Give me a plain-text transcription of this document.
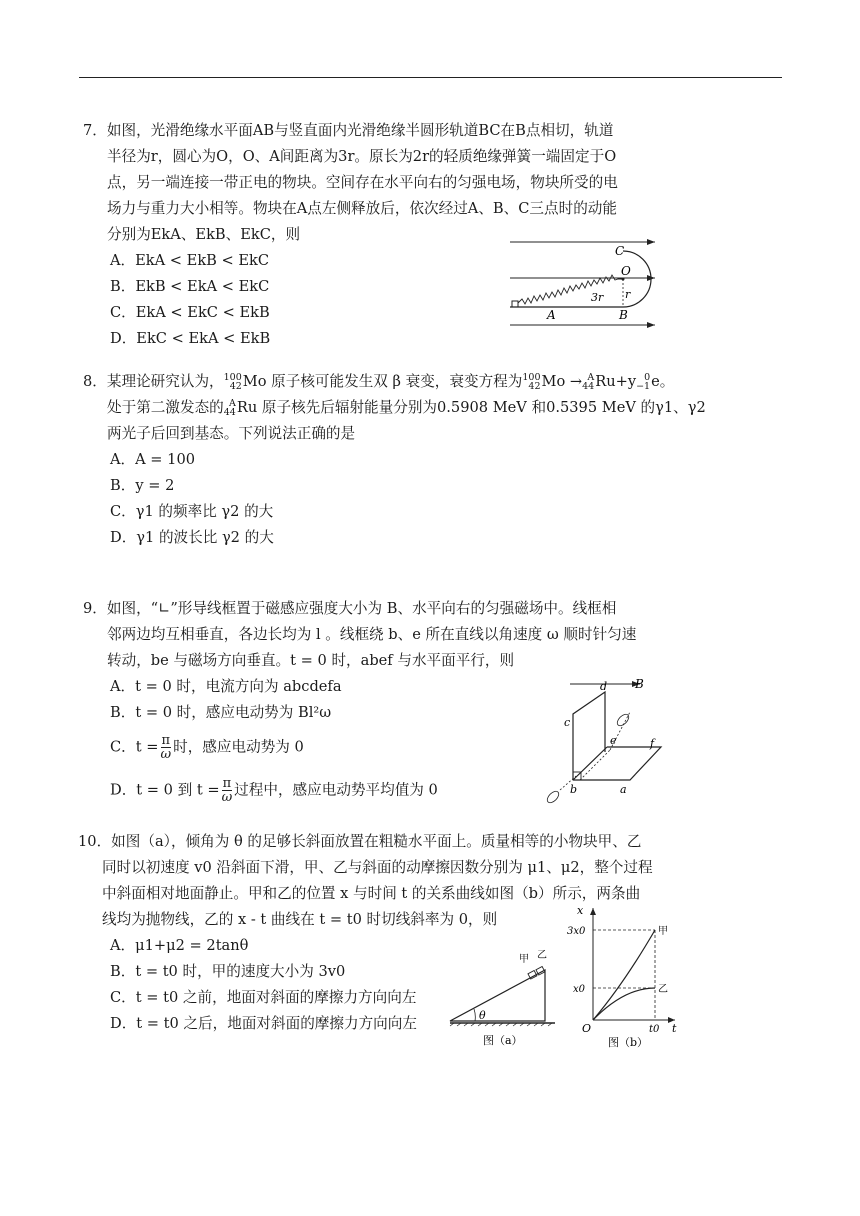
7．如图，光滑绝缘水平面AB与竖直面内光滑绝缘半圆形轨道BC在B点相切，轨道
半径为r，圆心为O，O、A间距离为3r。原长为2r的轻质绝缘弹簧一端固定于O
点，另一端连接一带正电的物块。空间存在水平向右的匀强电场，物块所受的电
场力与重力大小相等。物块在A点左侧释放后，依次经过A、B、C三点时的动能
分别为EkA、EkB、EkC，则
A．EkA < EkB < EkC
B．EkB < EkA < EkC
C．EkA < EkC < EkB
D．EkC < EkA < EkB
C
O
3r r
A	B
8．某理论研究认为， 100
42 Mo 原子核可能发生双 β 衰变，衰变方程为 100
42 Mo → A
44 Ru+y 0
−1 e。
处于第二激发态的 A
44 Ru 原子核先后辐射能量分别为0.5908 MeV 和0.5395 MeV 的γ1、γ2
两光子后回到基态。下列说法正确的是
A．A = 100
B．y = 2
C．γ1 的频率比 γ2 的大
D．γ1 的波长比 γ2 的大
9．如图，“∟”形导线框置于磁感应强度大小为 B、水平向右的匀强磁场中。线框相
邻两边均互相垂直，各边长均为 l 。线框绕 b、e 所在直线以角速度 ω 顺时针匀速
转动，be 与磁场方向垂直。t = 0 时，abef 与水平面平行，则
A．t = 0 时，电流方向为 abcdefa
B．t = 0 时，感应电动势为 Bl²ω
C．$t = \frac{\pi}{\omega}$ 时，感应电动势为 0
D．t = 0 到 $t = \frac{\pi}{\omega}$ 过程中，感应电动势平均值为 0
B
d
c
e	f
b	a
10．如图（a），倾角为 θ 的足够长斜面放置在粗糙水平面上。质量相等的小物块甲、乙
同时以初速度 v0 沿斜面下滑，甲、乙与斜面的动摩擦因数分别为 μ1、μ2，整个过程
中斜面相对地面静止。甲和乙的位置 x 与时间 t 的关系曲线如图（b）所示，两条曲
线均为抛物线，乙的 x - t 曲线在 t = t0 时切线斜率为 0，则
A．μ1+μ2 = 2tanθ
B．t = t0 时，甲的速度大小为 3v0
C．t = t0 之前，地面对斜面的摩擦力方向向左
D．t = t0 之后，地面对斜面的摩擦力方向向左
甲 乙
θ
图（a）
x
3x0
x0
甲
乙
O	t0 t
图（b）
